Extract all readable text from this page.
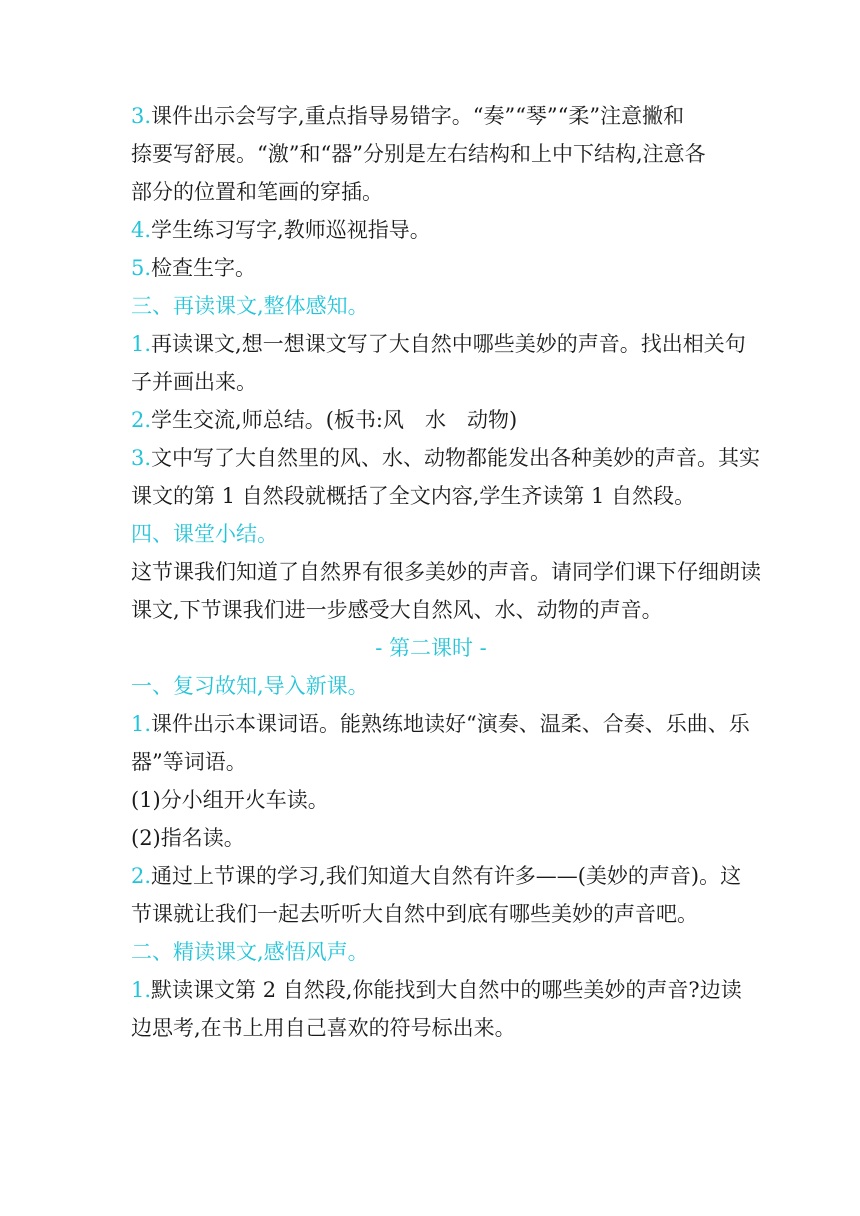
3.课件出示会写字,重点指导易错字。“奏”“琴”“柔”注意撇和

捺要写舒展。“激”和“器”分别是左右结构和上中下结构,注意各

部分的位置和笔画的穿插。

4.学生练习写字,教师巡视指导。

5.检查生字。

三、再读课文,整体感知。

1.再读课文,想一想课文写了大自然中哪些美妙的声音。找出相关句

子并画出来。

2.学生交流,师总结。(板书:风　水　动物)

3.文中写了大自然里的风、水、动物都能发出各种美妙的声音。其实

课文的第 1 自然段就概括了全文内容,学生齐读第 1 自然段。

四、课堂小结。

这节课我们知道了自然界有很多美妙的声音。请同学们课下仔细朗读

课文,下节课我们进一步感受大自然风、水、动物的声音。

- 第二课时 -

一、复习故知,导入新课。

1.课件出示本课词语。能熟练地读好“演奏、温柔、合奏、乐曲、乐

器”等词语。

(1)分小组开火车读。

(2)指名读。

2.通过上节课的学习,我们知道大自然有许多——(美妙的声音)。这

节课就让我们一起去听听大自然中到底有哪些美妙的声音吧。

二、精读课文,感悟风声。

1.默读课文第 2 自然段,你能找到大自然中的哪些美妙的声音?边读

边思考,在书上用自己喜欢的符号标出来。
